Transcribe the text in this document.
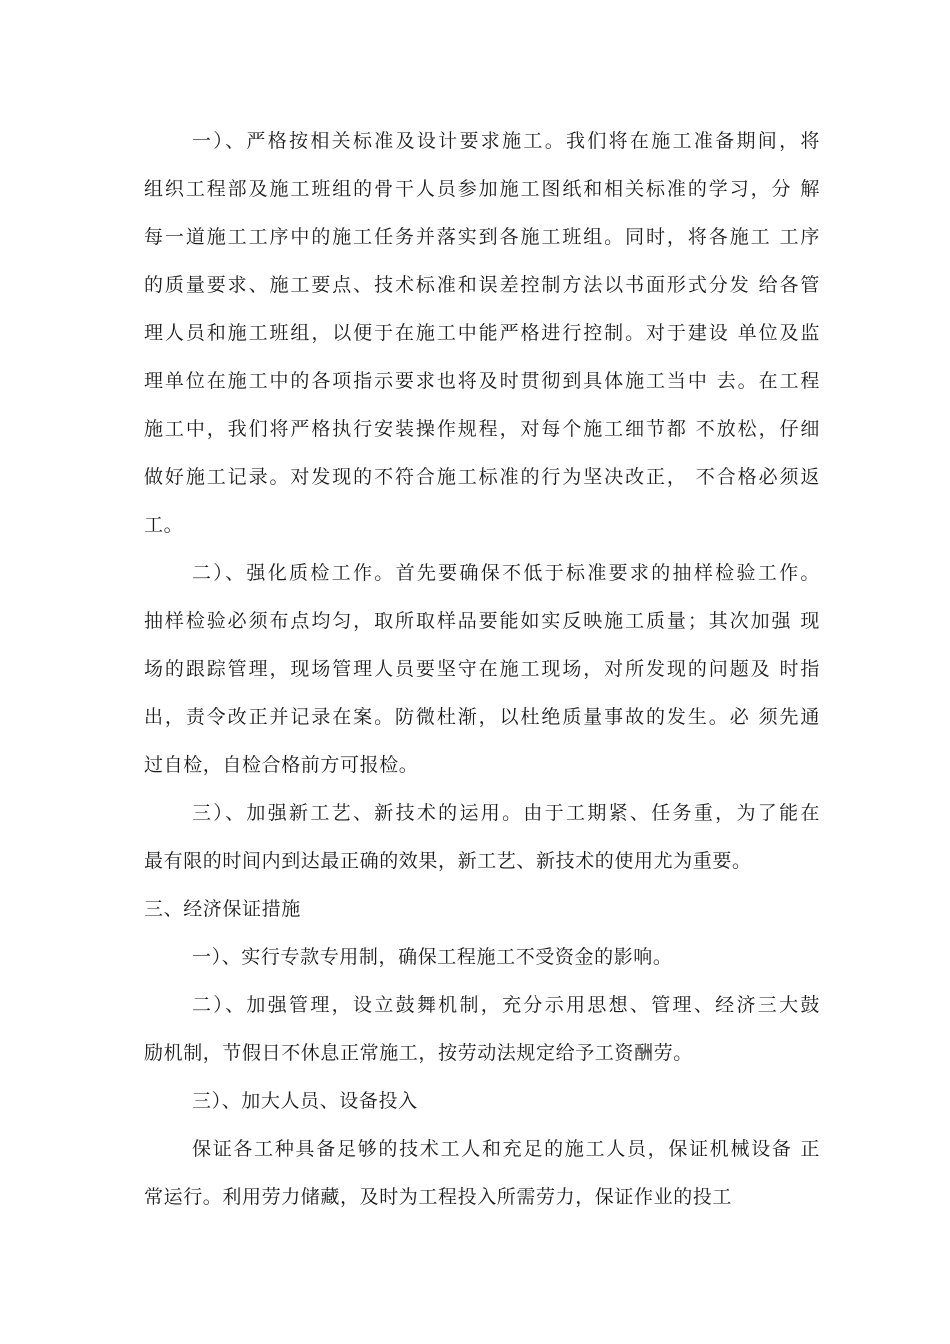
一）、严格按相关标准及设计要求施工。我们将在施工准备期间，将
组织工程部及施工班组的骨干人员参加施工图纸和相关标准的学习，分 解
每一道施工工序中的施工任务并落实到各施工班组。同时，将各施工 工序
的质量要求、施工要点、技术标准和误差控制方法以书面形式分发 给各管
理人员和施工班组，以便于在施工中能严格进行控制。对于建设 单位及监
理单位在施工中的各项指示要求也将及时贯彻到具体施工当中 去。在工程
施工中，我们将严格执行安装操作规程，对每个施工细节都 不放松，仔细
做好施工记录。对发现的不符合施工标准的行为坚决改正， 不合格必须返
工。
二）、强化质检工作。首先要确保不低于标准要求的抽样检验工作。
抽样检验必须布点均匀，取所取样品要能如实反映施工质量；其次加强 现
场的跟踪管理，现场管理人员要坚守在施工现场，对所发现的问题及 时指
出，责令改正并记录在案。防微杜渐，以杜绝质量事故的发生。必 须先通
过自检，自检合格前方可报检。
三）、加强新工艺、新技术的运用。由于工期紧、任务重，为了能在
最有限的时间内到达最正确的效果，新工艺、新技术的使用尤为重要。
三、经济保证措施
一）、实行专款专用制，确保工程施工不受资金的影响。
二）、加强管理，设立鼓舞机制，充分示用思想、管理、经济三大鼓
励机制，节假日不休息正常施工，按劳动法规定给予工资酬劳。
三）、加大人员、设备投入
保证各工种具备足够的技术工人和充足的施工人员，保证机械设备 正
常运行。利用劳力储藏，及时为工程投入所需劳力，保证作业的投工
